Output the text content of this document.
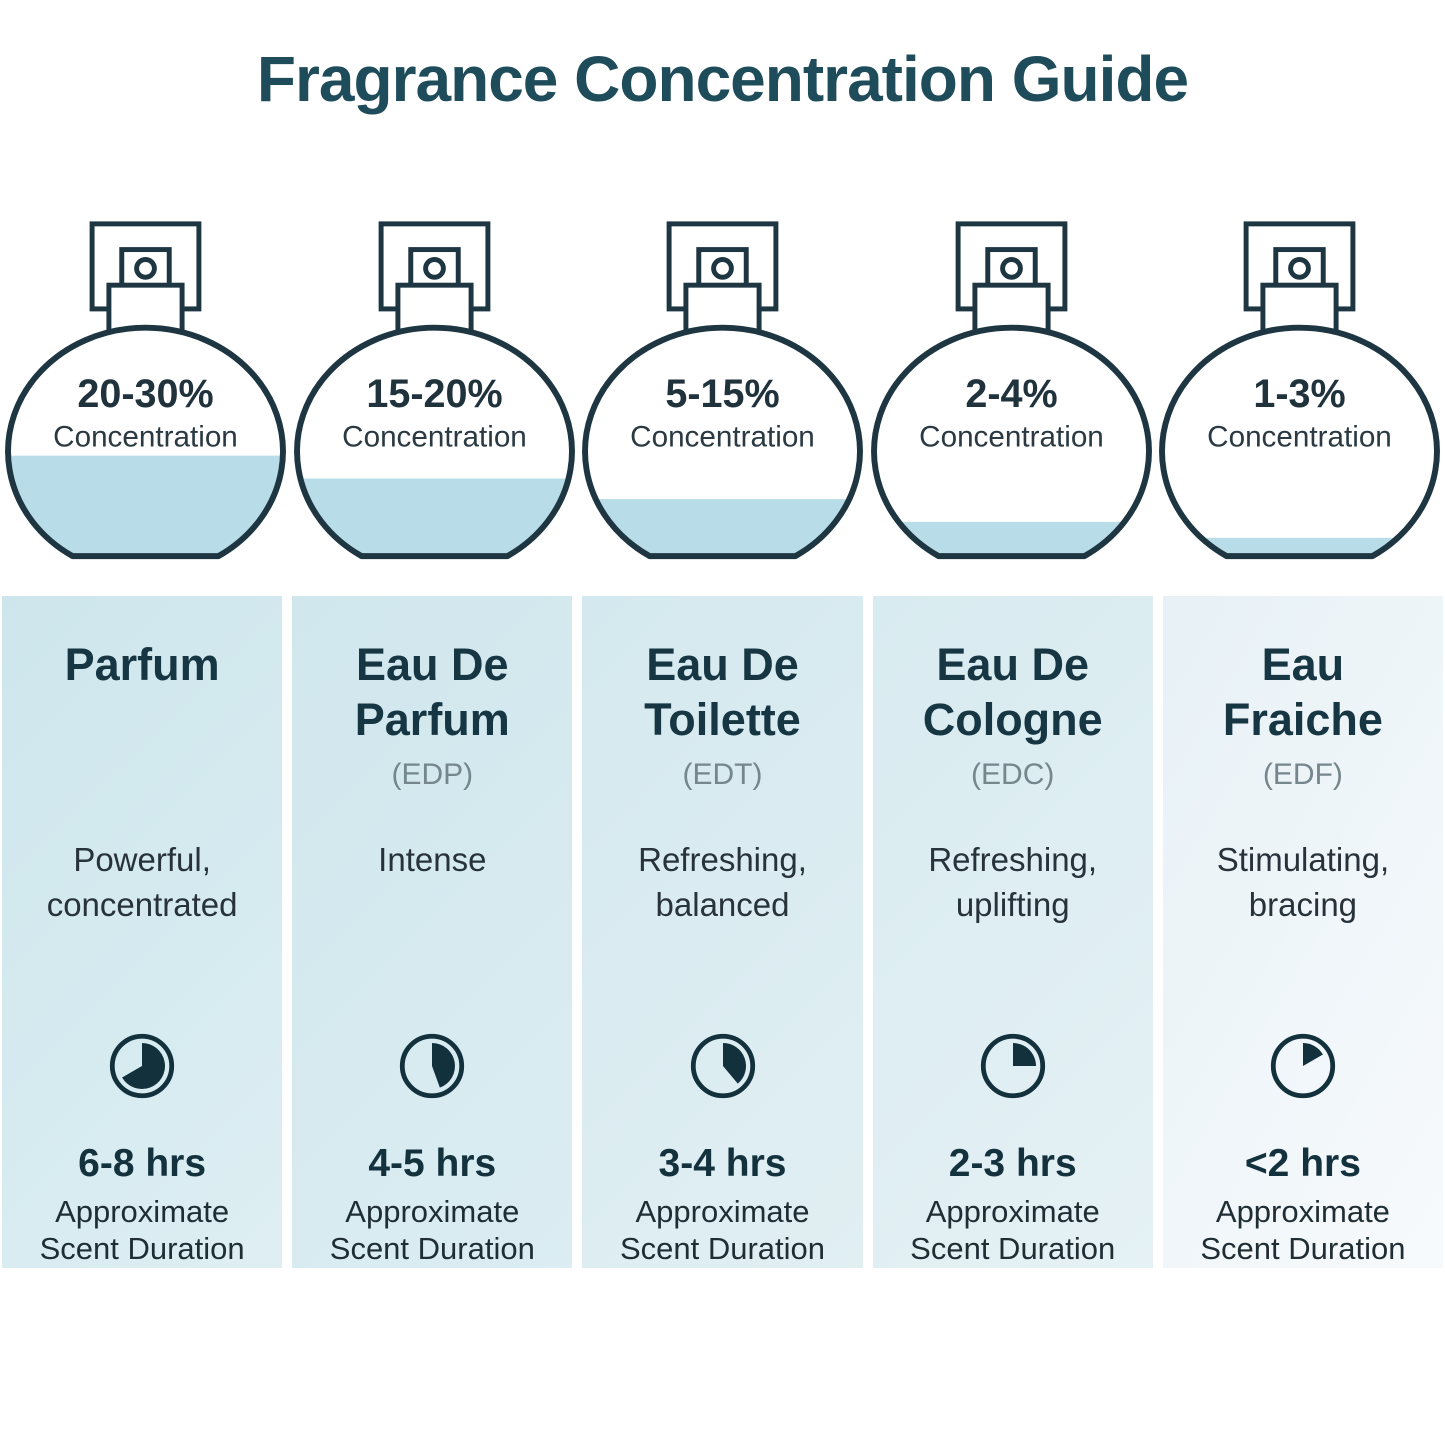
Fragrance Concentration Guide
20-30%
Concentration
15-20%
Concentration
5-15%
Concentration
2-4%
Concentration
1-3%
Concentration
Parfum
Powerful,
concentrated
6-8 hrs
Approximate
Scent Duration
Eau De Parfum
(EDP)
Intense
4-5 hrs
Approximate
Scent Duration
Eau De Toilette
(EDT)
Refreshing,
balanced
3-4 hrs
Approximate
Scent Duration
Eau De Cologne
(EDC)
Refreshing,
uplifting
2-3 hrs
Approximate
Scent Duration
Eau Fraiche
(EDF)
Stimulating,
bracing
<2 hrs
Approximate
Scent Duration
